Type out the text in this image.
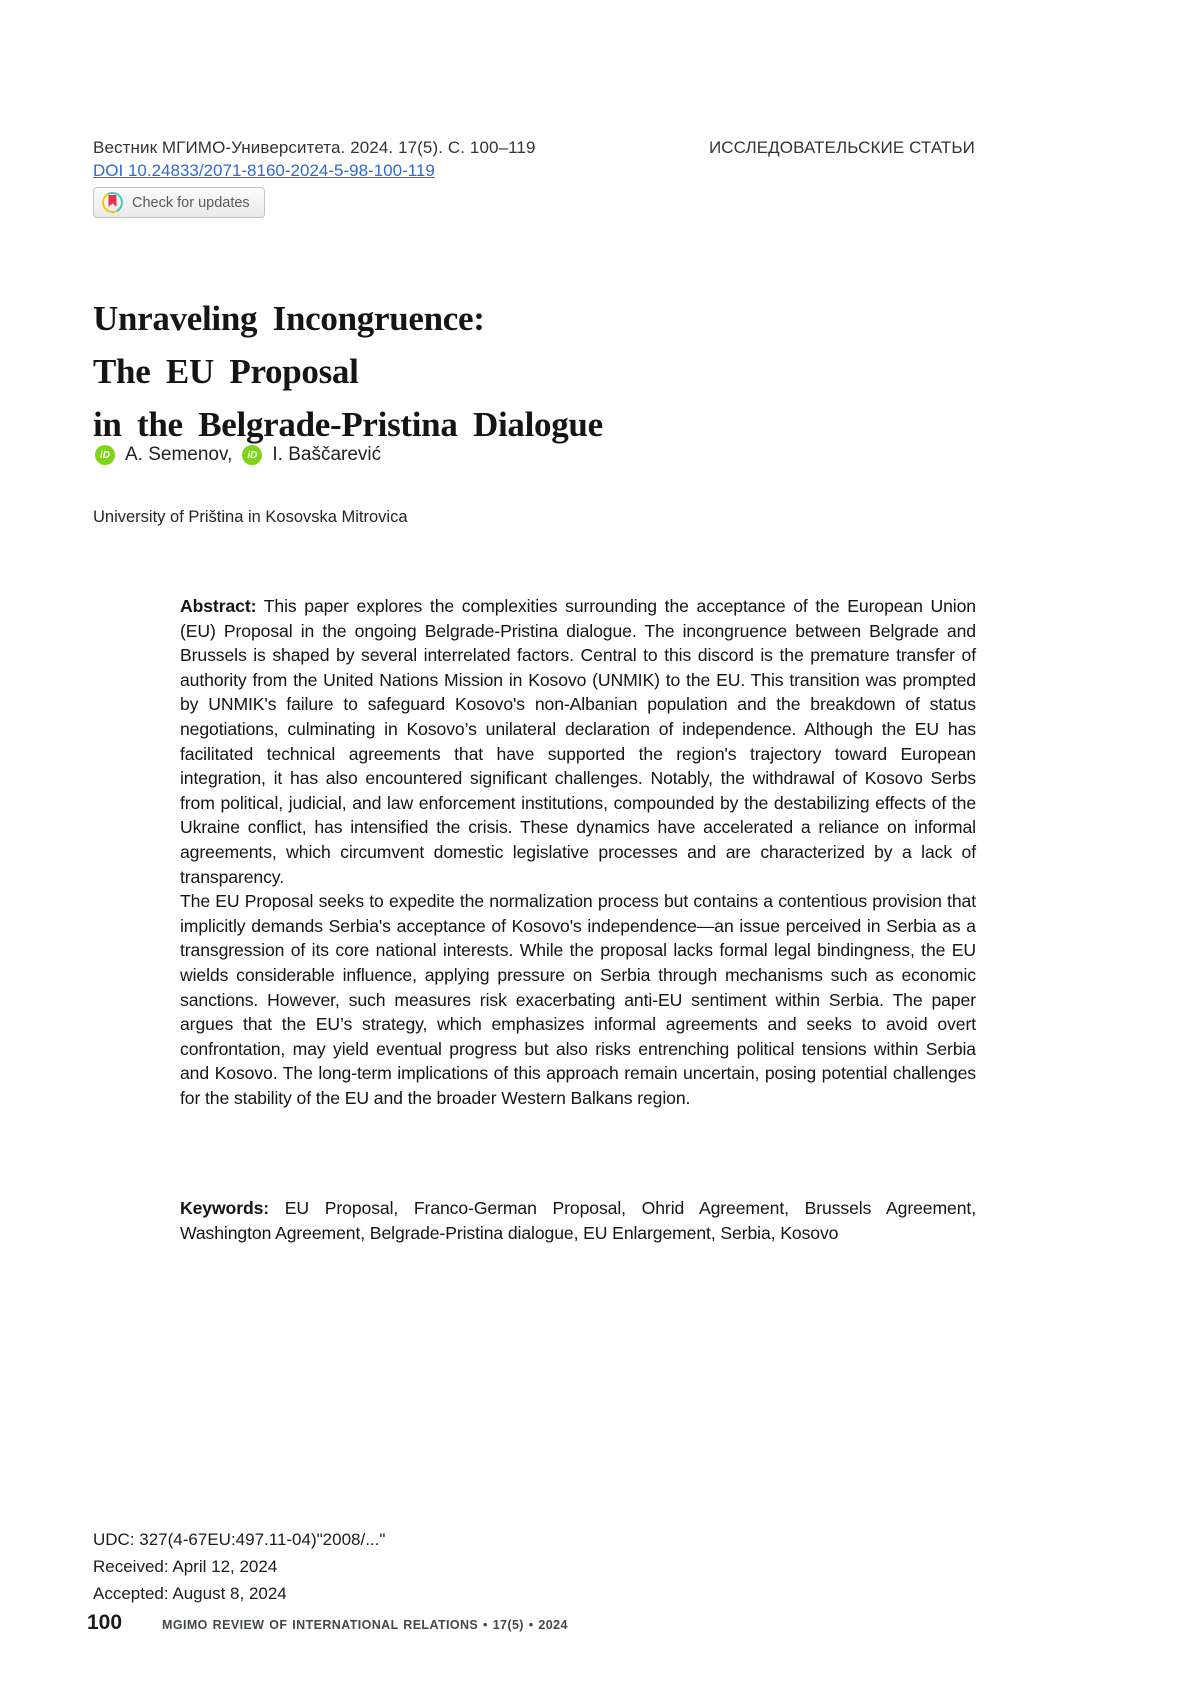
Вестник МГИМО-Университета. 2024. 17(5). С. 100–119	ИССЛЕДОВАТЕЛЬСКИЕ СТАТЬИ
DOI 10.24833/2071-8160-2024-5-98-100-119
Check for updates
Unraveling Incongruence:
The EU Proposal
in the Belgrade-Pristina Dialogue
iD A. Semenov,	iD I. Baščarević
University of Priština in Kosovska Mitrovica

Abstract: This paper explores the complexities surrounding the acceptance of the European Union (EU) Proposal in the ongoing Belgrade-Pristina dialogue. The incongruence between Belgrade and Brussels is shaped by several interrelated factors. Central to this discord is the premature transfer of authority from the United Nations Mission in Kosovo (UNMIK) to the EU. This transition was prompted by UNMIK's failure to safeguard Kosovo's non-Albanian population and the breakdown of status negotiations, culminating in Kosovo’s unilateral declaration of independence. Although the EU has facilitated technical agreements that have supported the region's trajectory toward European integration, it has also encountered significant challenges. Notably, the withdrawal of Kosovo Serbs from political, judicial, and law enforcement institutions, compounded by the destabilizing effects of the Ukraine conflict, has intensified the crisis. These dynamics have accelerated a reliance on informal agreements, which circumvent domestic legislative processes and are characterized by a lack of transparency.

The EU Proposal seeks to expedite the normalization process but contains a contentious provision that implicitly demands Serbia's acceptance of Kosovo's independence—an issue perceived in Serbia as a transgression of its core national interests. While the proposal lacks formal legal bindingness, the EU wields considerable influence, applying pressure on Serbia through mechanisms such as economic sanctions. However, such measures risk exacerbating anti-EU sentiment within Serbia. The paper argues that the EU’s strategy, which emphasizes informal agreements and seeks to avoid overt confrontation, may yield eventual progress but also risks entrenching political tensions within Serbia and Kosovo. The long-term implications of this approach remain uncertain, posing potential challenges for the stability of the EU and the broader Western Balkans region.

Keywords: EU Proposal, Franco-German Proposal, Ohrid Agreement, Brussels Agreement, Washington Agreement, Belgrade-Pristina dialogue, EU Enlargement, Serbia, Kosovo
UDC: 327(4-67EU:497.11-04)"2008/..."
Received: April 12, 2024
Accepted: August 8, 2024
100	MGIMO REVIEW OF INTERNATIONAL RELATIONS • 17(5) • 2024
